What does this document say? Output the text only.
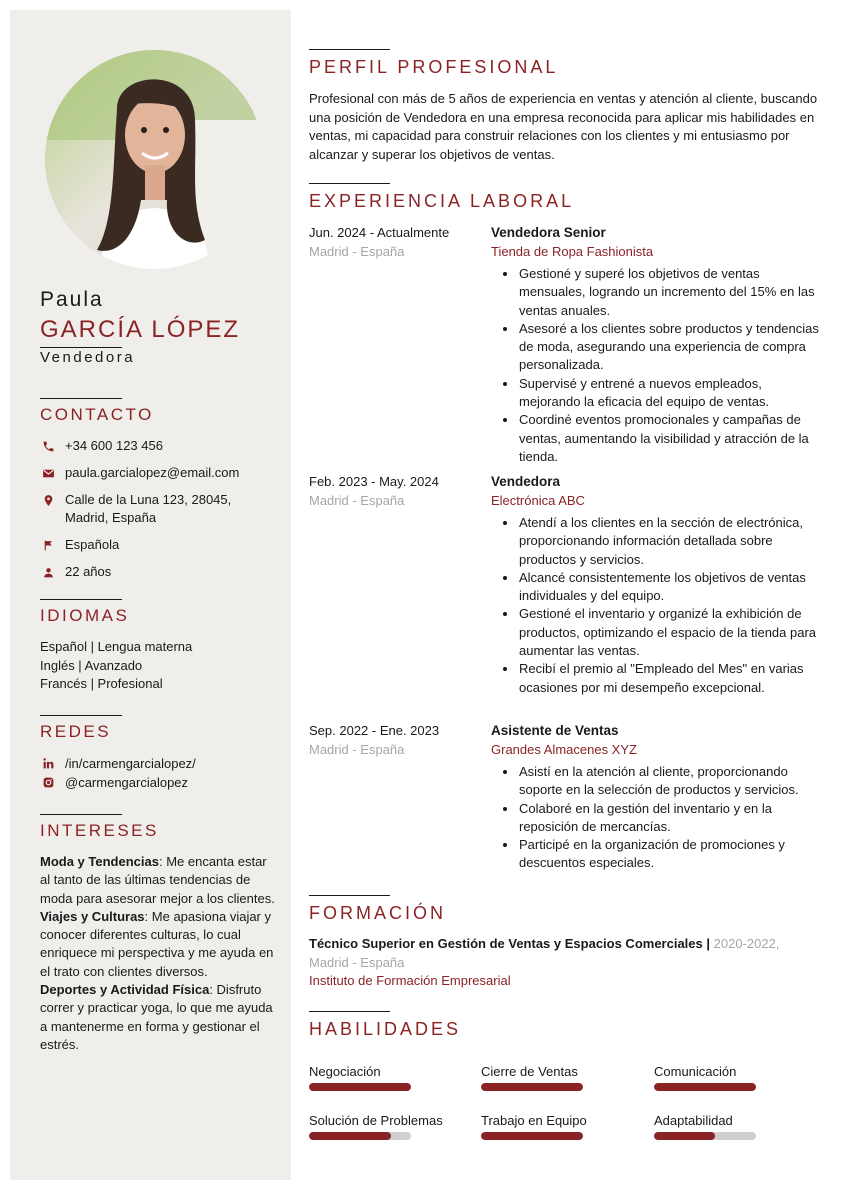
Paula
GARCÍA LÓPEZ
Vendedora
CONTACTO
+34 600 123 456
paula.garcialopez@email.com
Calle de la Luna 123, 28045, Madrid, España
Española
22 años
IDIOMAS
Español | Lengua materna
Inglés | Avanzado
Francés | Profesional
REDES
/in/carmengarcialopez/
@carmengarcialopez
INTERESES
Moda y Tendencias: Me encanta estar al tanto de las últimas tendencias de moda para asesorar mejor a los clientes.
Viajes y Culturas: Me apasiona viajar y conocer diferentes culturas, lo cual enriquece mi perspectiva y me ayuda en el trato con clientes diversos.
Deportes y Actividad Física: Disfruto correr y practicar yoga, lo que me ayuda a mantenerme en forma y gestionar el estrés.
PERFIL PROFESIONAL
Profesional con más de 5 años de experiencia en ventas y atención al cliente, buscando una posición de Vendedora en una empresa reconocida para aplicar mis habilidades en ventas, mi capacidad para construir relaciones con los clientes y mi entusiasmo por alcanzar y superar los objetivos de ventas.
EXPERIENCIA LABORAL
Jun. 2024 - Actualmente
Madrid - España
Vendedora Senior
Tienda de Ropa Fashionista
Gestioné y superé los objetivos de ventas mensuales, logrando un incremento del 15% en las ventas anuales.
Asesoré a los clientes sobre productos y tendencias de moda, asegurando una experiencia de compra personalizada.
Supervisé y entrené a nuevos empleados, mejorando la eficacia del equipo de ventas.
Coordiné eventos promocionales y campañas de ventas, aumentando la visibilidad y atracción de la tienda.
Feb. 2023 - May. 2024
Madrid - España
Vendedora
Electrónica ABC
Atendí a los clientes en la sección de electrónica, proporcionando información detallada sobre productos y servicios.
Alcancé consistentemente los objetivos de ventas individuales y del equipo.
Gestioné el inventario y organizé la exhibición de productos, optimizando el espacio de la tienda para aumentar las ventas.
Recibí el premio al "Empleado del Mes" en varias ocasiones por mi desempeño excepcional.
Sep. 2022 - Ene. 2023
Madrid - España
Asistente de Ventas
Grandes Almacenes XYZ
Asistí en la atención al cliente, proporcionando soporte en la selección de productos y servicios.
Colaboré en la gestión del inventario y en la reposición de mercancías.
Participé en la organización de promociones y descuentos especiales.
FORMACIÓN
Técnico Superior en Gestión de Ventas y Espacios Comerciales | 2020-2022, Madrid - España
Instituto de Formación Empresarial
HABILIDADES
Negociación	Cierre de Ventas	Comunicación
Solución de Problemas	Trabajo en Equipo	Adaptabilidad
